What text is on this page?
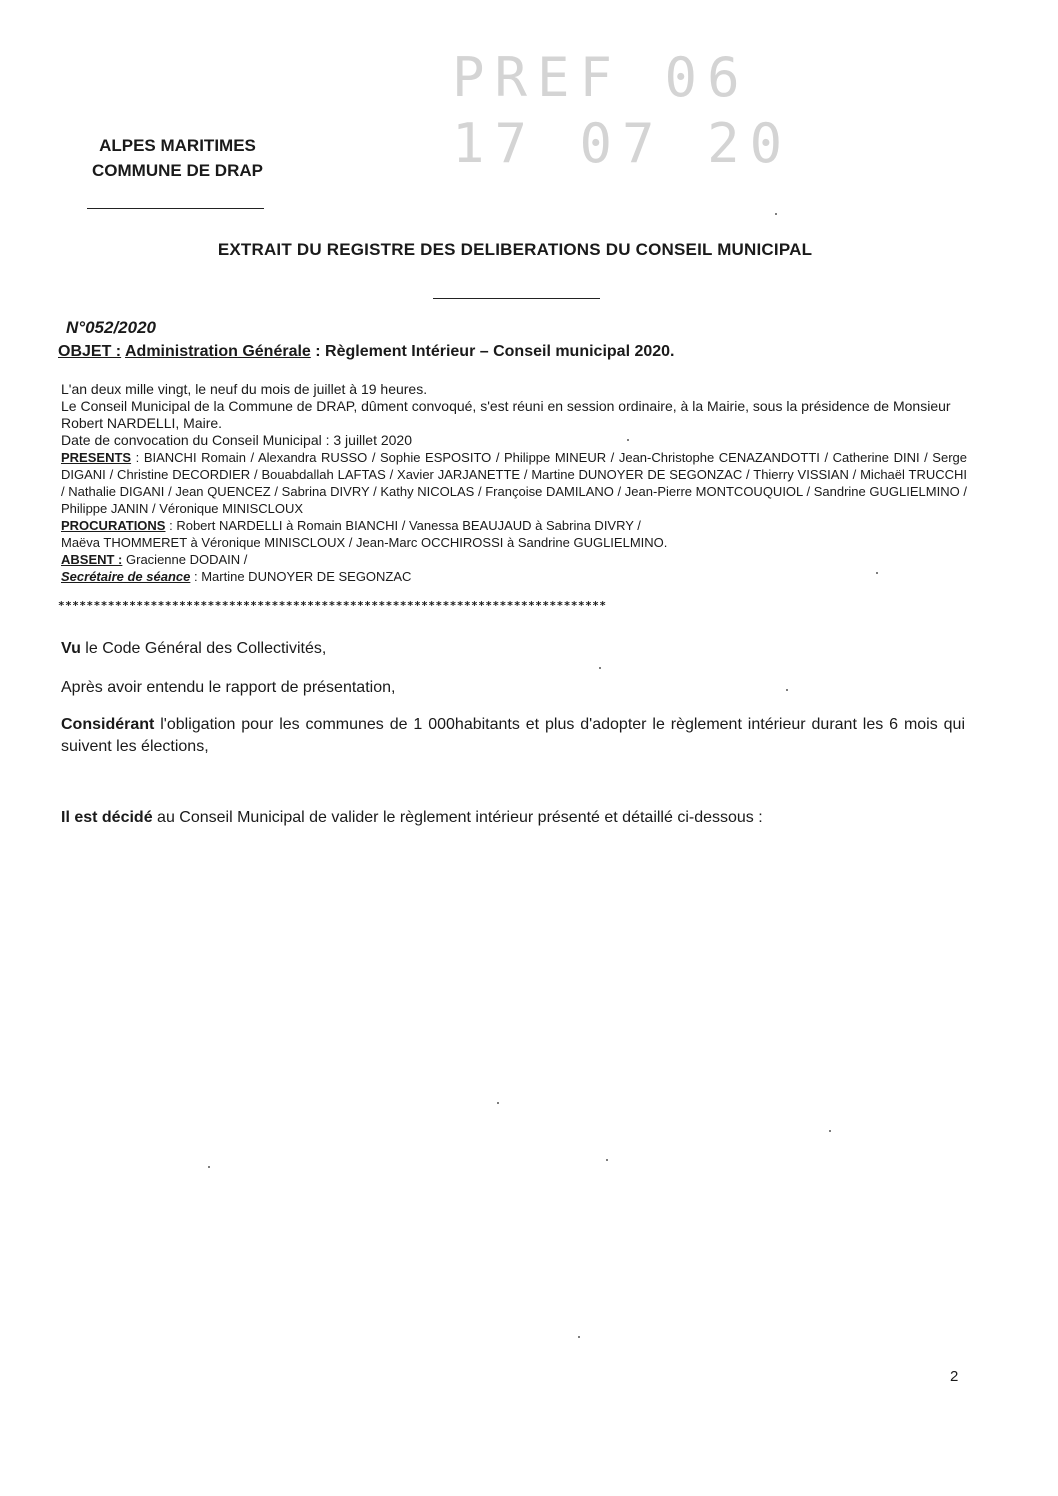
PREF 06
17 07 20
ALPES MARITIMES
COMMUNE DE DRAP
EXTRAIT DU REGISTRE DES DELIBERATIONS DU CONSEIL MUNICIPAL
N°052/2020
OBJET : Administration Générale : Règlement Intérieur – Conseil municipal 2020.

L'an deux mille vingt, le neuf du mois de juillet à 19 heures.

Le Conseil Municipal de la Commune de DRAP, dûment convoqué, s'est réuni en session ordinaire, à la Mairie, sous la présidence de Monsieur Robert NARDELLI, Maire.

Date de convocation du Conseil Municipal : 3 juillet 2020

PRESENTS : BIANCHI Romain / Alexandra RUSSO / Sophie ESPOSITO / Philippe MINEUR / Jean-Christophe CENAZANDOTTI / Catherine DINI / Serge DIGANI / Christine DECORDIER / Bouabdallah LAFTAS / Xavier JARJANETTE / Martine DUNOYER DE SEGONZAC / Thierry VISSIAN / Michaël TRUCCHI / Nathalie DIGANI / Jean QUENCEZ / Sabrina DIVRY / Kathy NICOLAS / Françoise DAMILANO / Jean-Pierre MONTCOUQUIOL / Sandrine GUGLIELMINO / Philippe JANIN / Véronique MINISCLOUX

PROCURATIONS : Robert NARDELLI à Romain BIANCHI / Vanessa BEAUJAUD à Sabrina DIVRY /

Maëva THOMMERET à Véronique MINISCLOUX / Jean-Marc OCCHIROSSI à Sandrine GUGLIELMINO.

ABSENT : Gracienne DODAIN /

Secrétaire de séance : Martine DUNOYER DE SEGONZAC

*****************************************************************************
Vu le Code Général des Collectivités,
Après avoir entendu le rapport de présentation,
Considérant l'obligation pour les communes de 1 000habitants et plus d'adopter le règlement intérieur durant les 6 mois qui suivent les élections,
Il est décidé au Conseil Municipal de valider le règlement intérieur présenté et détaillé ci-dessous :
2
